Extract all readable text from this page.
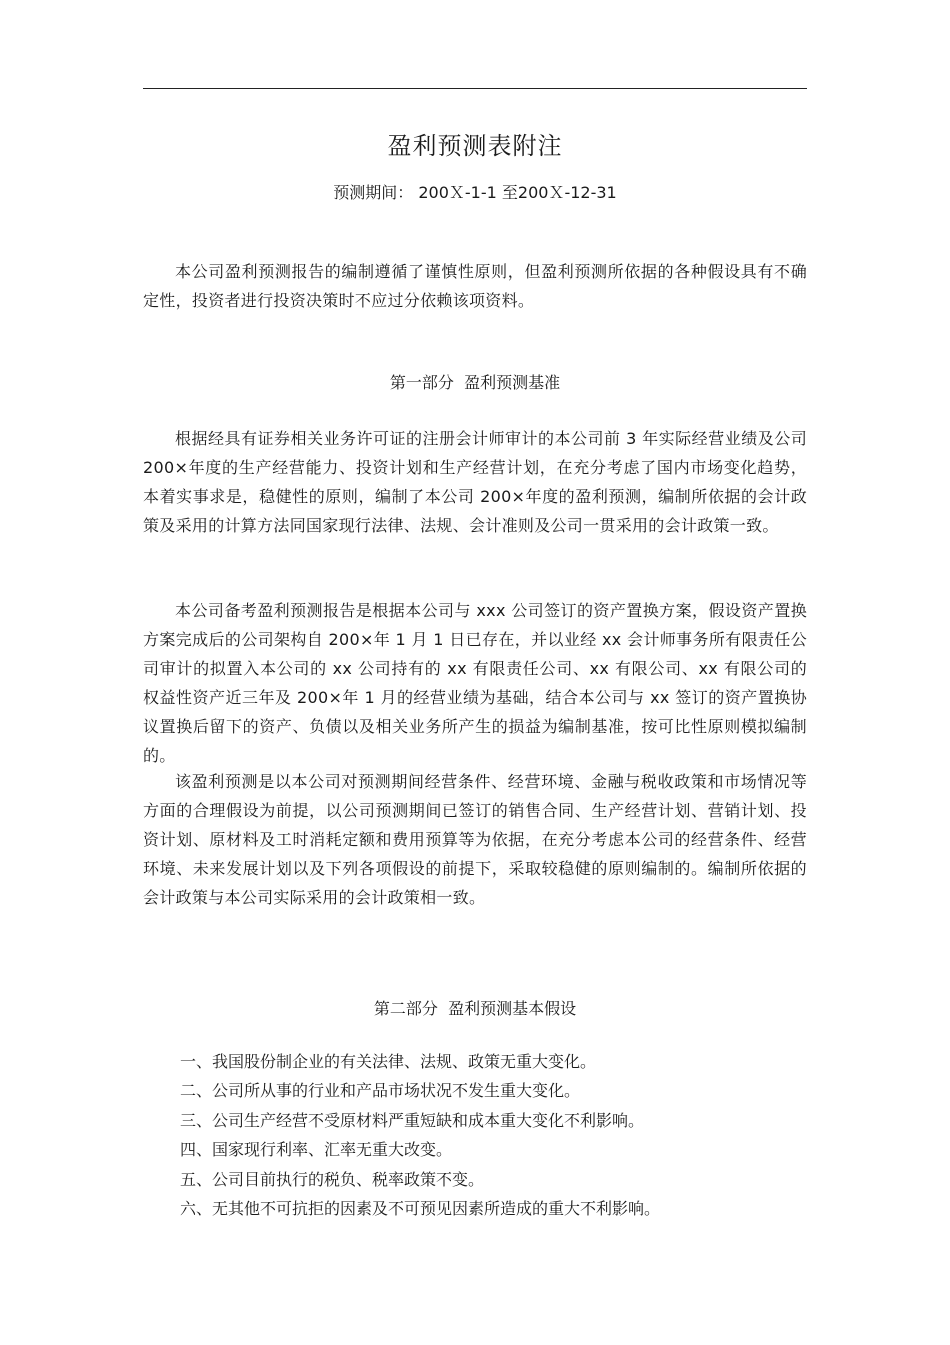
盈利预测表附注
预测期间： 200Ｘ-1-1 至200Ｘ-12-31

本公司盈利预测报告的编制遵循了谨慎性原则，但盈利预测所依据的各种假设具有不确定性，投资者进行投资决策时不应过分依赖该项资料。

第一部分  盈利预测基准

根据经具有证券相关业务许可证的注册会计师审计的本公司前 3 年实际经营业绩及公司 200×年度的生产经营能力、投资计划和生产经营计划，在充分考虑了国内市场变化趋势，本着实事求是，稳健性的原则，编制了本公司 200×年度的盈利预测，编制所依据的会计政策及采用的计算方法同国家现行法律、法规、会计准则及公司一贯采用的会计政策一致。

本公司备考盈利预测报告是根据本公司与 xxx 公司签订的资产置换方案，假设资产置换方案完成后的公司架构自 200×年 1 月 1 日已存在，并以业经 xx 会计师事务所有限责任公司审计的拟置入本公司的 xx 公司持有的 xx 有限责任公司、xx 有限公司、xx 有限公司的权益性资产近三年及 200×年 1 月的经营业绩为基础，结合本公司与 xx 签订的资产置换协议置换后留下的资产、负债以及相关业务所产生的损益为编制基准，按可比性原则模拟编制的。

该盈利预测是以本公司对预测期间经营条件、经营环境、金融与税收政策和市场情况等方面的合理假设为前提，以公司预测期间已签订的销售合同、生产经营计划、营销计划、投资计划、原材料及工时消耗定额和费用预算等为依据，在充分考虑本公司的经营条件、经营环境、未来发展计划以及下列各项假设的前提下，采取较稳健的原则编制的。编制所依据的会计政策与本公司实际采用的会计政策相一致。

第二部分  盈利预测基本假设
一、我国股份制企业的有关法律、法规、政策无重大变化。
二、公司所从事的行业和产品市场状况不发生重大变化。
三、公司生产经营不受原材料严重短缺和成本重大变化不利影响。
四、国家现行利率、汇率无重大改变。
五、公司目前执行的税负、税率政策不变。
六、无其他不可抗拒的因素及不可预见因素所造成的重大不利影响。
